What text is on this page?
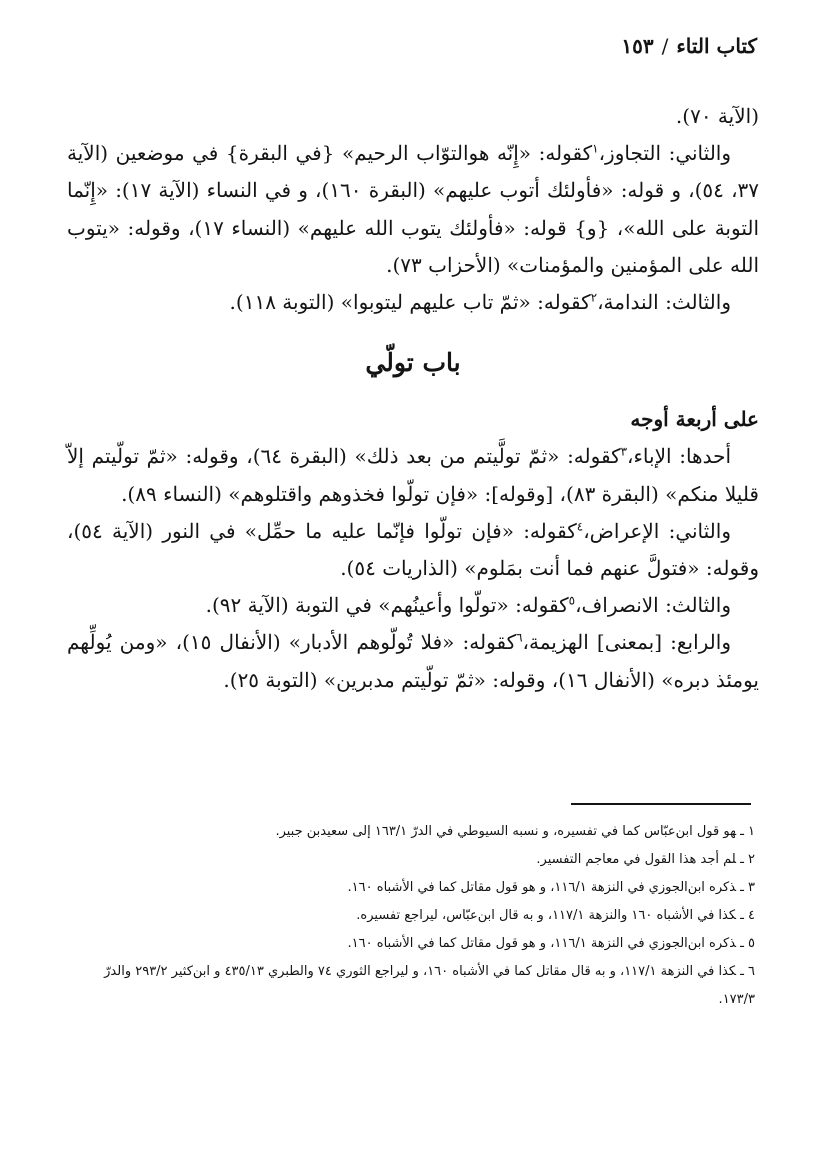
كتاب التاء/١٥٣

(الآية ٧٠).

والثاني: التجاوز،$^١$كقوله: «إِنّه هوالتوّاب الرحيم» {في البقرة} في موضعين (الآية ٣٧، ٥٤)، و قوله: «فأولئك أتوب عليهم» (البقرة ١٦٠)، و في النساء (الآية ١٧): «إِنّما التوبة على الله»، {و} قوله: «فأولئك يتوب الله عليهم» (النساء ١٧)، وقوله: «يتوب الله على المؤمنين والمؤمنات» (الأحزاب ٧٣).

والثالث: الندامة،$^٢$كقوله: «ثمّ تاب عليهم ليتوبوا» (التوبة ١١٨).

باب تولّي

على أربعة أوجه

أحدها: الإباء،$^٣$كقوله: «ثمّ تولَّيتم من بعد ذلك» (البقرة ٦٤)، وقوله: «ثمّ تولّيتم إلاّ قليلا منكم» (البقرة ٨٣)، [وقوله]: «فإن تولّوا فخذوهم واقتلوهم» (النساء ٨٩).

والثاني: الإعراض،$^٤$كقوله: «فإن تولّوا فإنّما عليه ما حمِّل» في النور (الآية ٥٤)، وقوله: «فتولَّ عنهم فما أنت بمَلوم» (الذاريات ٥٤).

والثالث: الانصراف،$^٥$كقوله: «تولّوا وأعينُهم» في التوبة (الآية ٩٢).

والرابع: [بمعنى] الهزيمة،$^٦$كقوله: «فلا تُولّوهم الأدبار» (الأنفال ١٥)، «ومن يُولِّهم يومئذ دبره» (الأنفال ١٦)، وقوله: «ثمّ تولّيتم مدبرين» (التوبة ٢٥).

١ ـهو قول ابن‌عبّاس كما في تفسيره، و نسبه السيوطي في الدرّ ١٦٣/١ إلى سعيدبن جبير.

٢ ـلم أجد هذا القول في معاجم التفسير.

٣ ـذكره ابن‌الجوزي في النزهة ١١٦/١، و هو قول مقاتل كما في الأشباه ١٦٠.

٤ ـكذا في الأشباه ١٦٠ والنزهة ١١٧/١، و به قال ابن‌عبّاس، ليراجع تفسيره.

٥ ـذكره ابن‌الجوزي في النزهة ١١٦/١، و هو قول مقاتل كما في الأشباه ١٦٠.

٦ ـكذا في النزهة ١١٧/١، و به قال مقاتل كما في الأشباه ١٦٠، و ليراجع الثوري ٧٤ والطبري ٤٣٥/١٣ و ابن‌كثير ٢٩٣/٢ والدرّ ١٧٣/٣.
